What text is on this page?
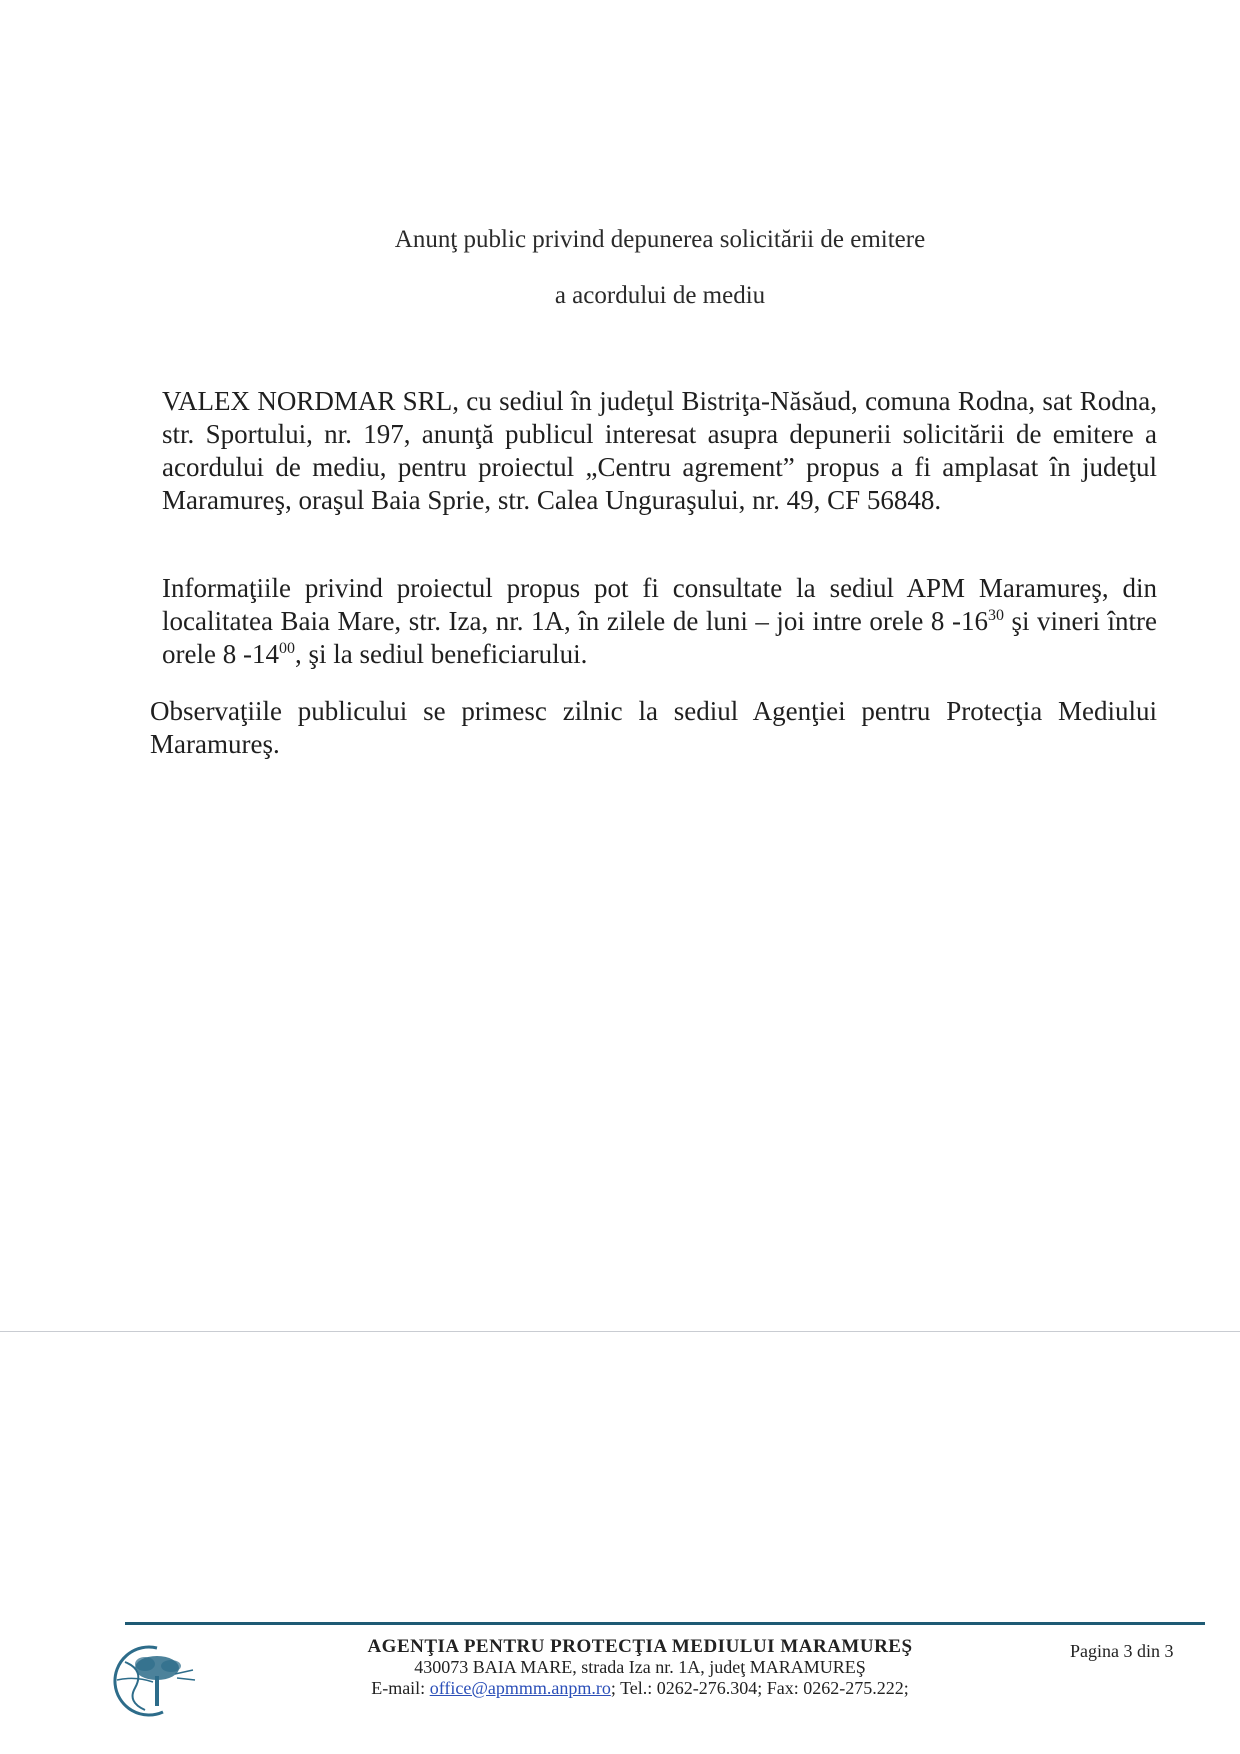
Anunţ public privind depunerea solicitării de emitere
a acordului de mediu
VALEX NORDMAR SRL, cu sediul în judeţul Bistriţa-Năsăud, comuna Rodna, sat Rodna, str. Sportului, nr. 197, anunţă publicul interesat asupra depunerii solicitării de emitere a acordului de mediu, pentru proiectul „Centru agrement” propus a fi amplasat în judeţul Maramureş, oraşul Baia Sprie, str. Calea Unguraşului, nr. 49, CF 56848.
Informaţiile privind proiectul propus pot fi consultate la sediul APM Maramureş, din localitatea Baia Mare, str. Iza, nr. 1A, în zilele de luni – joi intre orele 8 $-16^{30}$ şi vineri între orele 8 $-14^{00}$, şi la sediul beneficiarului.
Observaţiile publicului se primesc zilnic la sediul Agenţiei pentru Protecţia Mediului Maramureş.
AGENŢIA PENTRU PROTECŢIA MEDIULUI MARAMUREŞ
430073 BAIA MARE, strada Iza nr. 1A, judeţ MARAMUREŞ
E-mail: office@apmmm.anpm.ro; Tel.: 0262-276.304; Fax: 0262-275.222;
Pagina 3 din 3
